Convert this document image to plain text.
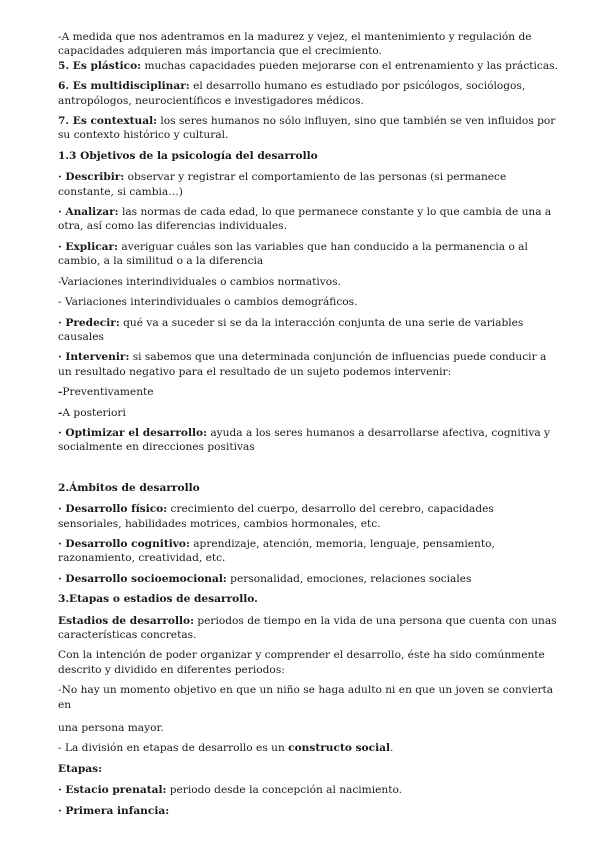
-A medida que nos adentramos en la madurez y vejez, el mantenimiento y regulación de capacidades adquieren más importancia que el crecimiento.
5. Es plástico: muchas capacidades pueden mejorarse con el entrenamiento y las prácticas.
6. Es multidisciplinar: el desarrollo humano es estudiado por psicólogos, sociólogos, antropólogos, neurocientíficos e investigadores médicos.
7. Es contextual: los seres humanos no sólo influyen, sino que también se ven influidos por su contexto histórico y cultural.
1.3 Objetivos de la psicología del desarrollo
· Describir: observar y registrar el comportamiento de las personas (si permanece constante, si cambia…)
· Analizar: las normas de cada edad, lo que permanece constante y lo que cambia de una a otra, así como las diferencias individuales.
· Explicar: averiguar cuáles son las variables que han conducido a la permanencia o al cambio, a la similitud o a la diferencia
-Variaciones interindividuales o cambios normativos.
- Variaciones interindividuales o cambios demográficos.
· Predecir: qué va a suceder si se da la interacción conjunta de una serie de variables causales
· Intervenir: si sabemos que una determinada conjunción de influencias puede conducir a un resultado negativo para el resultado de un sujeto podemos intervenir:
-Preventivamente
-A posteriori
· Optimizar el desarrollo: ayuda a los seres humanos a desarrollarse afectiva, cognitiva y socialmente en direcciones positivas
2.Ámbitos de desarrollo
· Desarrollo físico: crecimiento del cuerpo, desarrollo del cerebro, capacidades sensoriales, habilidades motrices, cambios hormonales, etc.
· Desarrollo cognitivo: aprendizaje, atención, memoria, lenguaje, pensamiento, razonamiento, creatividad, etc.
· Desarrollo socioemocional: personalidad, emociones, relaciones sociales
3.Etapas o estadios de desarrollo.
Estadios de desarrollo: periodos de tiempo en la vida de una persona que cuenta con unas características concretas.
Con la intención de poder organizar y comprender el desarrollo, éste ha sido comúnmente descrito y dividido en diferentes periodos:
-No hay un momento objetivo en que un niño se haga adulto ni en que un joven se convierta en
una persona mayor.
- La división en etapas de desarrollo es un constructo social.
Etapas:
· Estacio prenatal: periodo desde la concepción al nacimiento.
· Primera infancia:
